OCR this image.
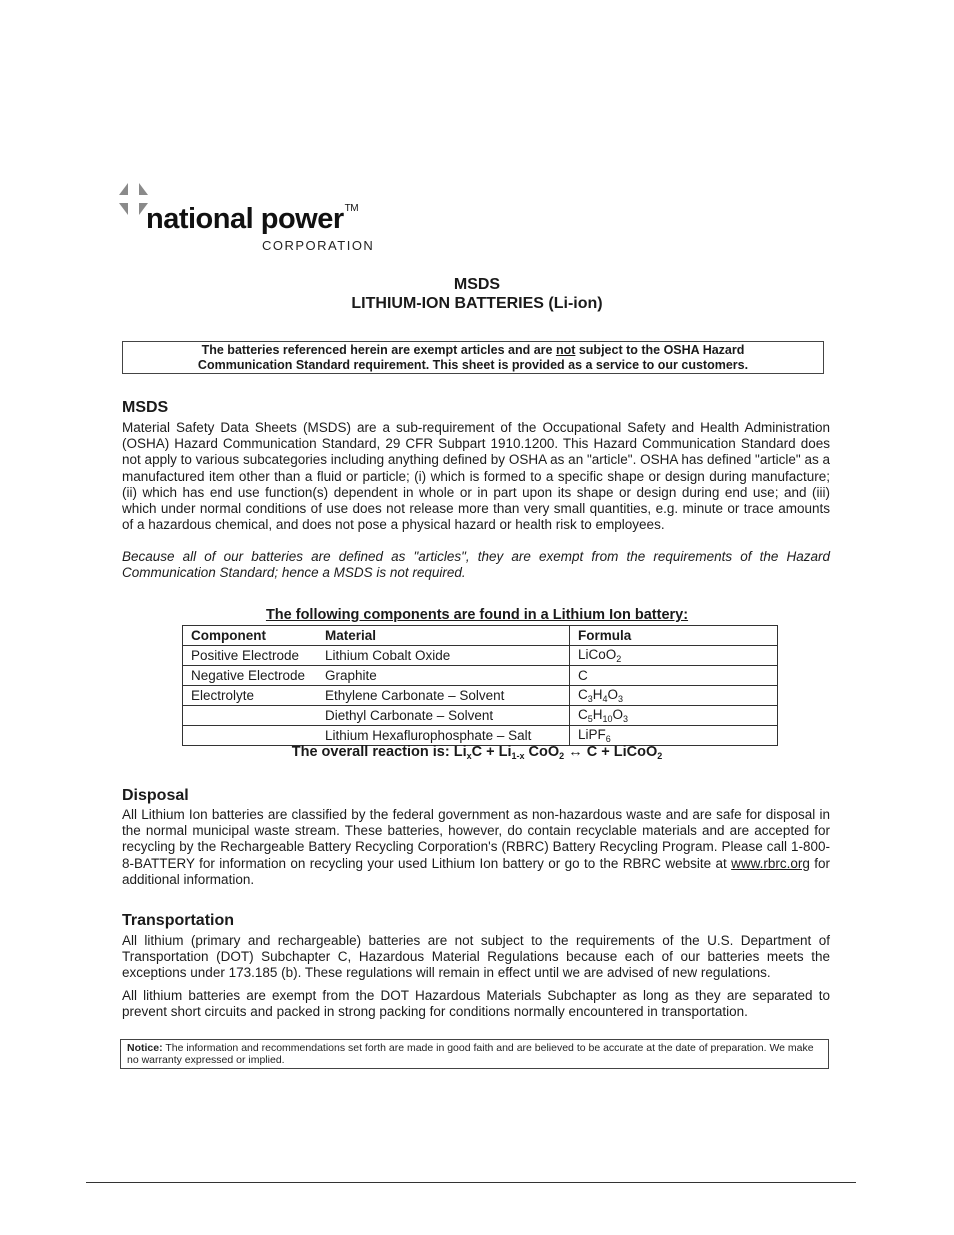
national power™
CORPORATION
MSDS
LITHIUM-ION BATTERIES (Li-ion)
The batteries referenced herein are exempt articles and are not subject to the OSHA Hazard
Communication Standard requirement. This sheet is provided as a service to our customers.
MSDS
Material Safety Data Sheets (MSDS) are a sub-requirement of the Occupational Safety and Health Administration (OSHA) Hazard Communication Standard, 29 CFR Subpart 1910.1200. This Hazard Communication Standard does not apply to various subcategories including anything defined by OSHA as an "article". OSHA has defined "article" as a manufactured item other than a fluid or particle; (i) which is formed to a specific shape or design during manufacture; (ii) which has end use function(s) dependent in whole or in part upon its shape or design during end use; and (iii) which under normal conditions of use does not release more than very small quantities, e.g. minute or trace amounts of a hazardous chemical, and does not pose a physical hazard or health risk to employees.
Because all of our batteries are defined as "articles", they are exempt from the requirements of the Hazard Communication Standard; hence a MSDS is not required.
The following components are found in a Lithium Ion battery:
Component	Material	Formula
Positive Electrode	Lithium Cobalt Oxide	LiCoO$_2$
Negative Electrode	Graphite	C
Electrolyte	Ethylene Carbonate – Solvent	$C_3H_4O_3$
	Diethyl Carbonate – Solvent	$C_5H_{10}O_3$
	Lithium Hexaflurophosphate – Salt	LiPF$_6$
The overall reaction is: $Li_xC + Li_{1-x}$ CoO$_2$ ↔ C + LiCoO$_2$
Disposal
All Lithium Ion batteries are classified by the federal government as non-hazardous waste and are safe for disposal in the normal municipal waste stream. These batteries, however, do contain recyclable materials and are accepted for recycling by the Rechargeable Battery Recycling Corporation's (RBRC) Battery Recycling Program. Please call 1-800-8-BATTERY for information on recycling your used Lithium Ion battery or go to the RBRC website at www.rbrc.org for additional information.
Transportation
All lithium (primary and rechargeable) batteries are not subject to the requirements of the U.S. Department of Transportation (DOT) Subchapter C, Hazardous Material Regulations because each of our batteries meets the exceptions under 173.185 (b). These regulations will remain in effect until we are advised of new regulations.
All lithium batteries are exempt from the DOT Hazardous Materials Subchapter as long as they are separated to prevent short circuits and packed in strong packing for conditions normally encountered in transportation.
Notice: The information and recommendations set forth are made in good faith and are believed to be accurate at the date of preparation. We make no warranty expressed or implied.
